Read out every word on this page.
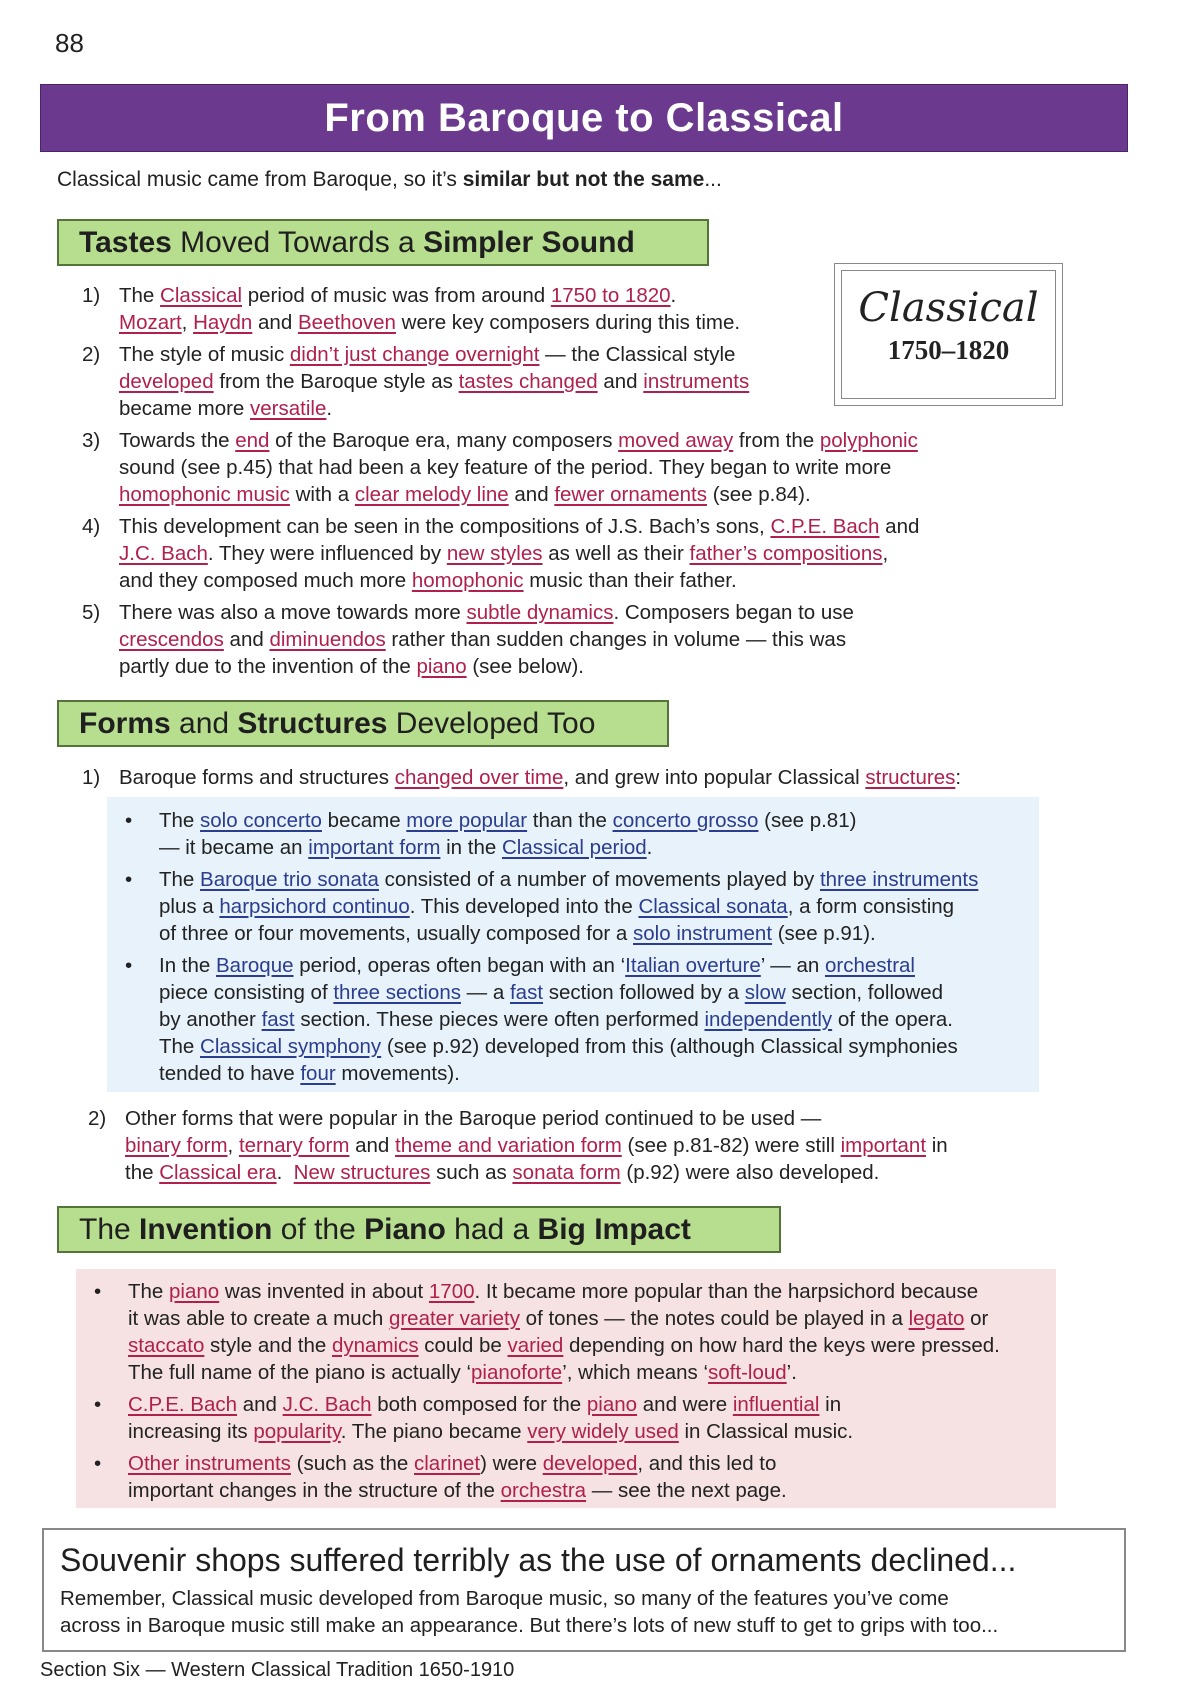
88
From Baroque to Classical
Classical music came from Baroque, so it’s similar but not the same...
Tastes Moved Towards a Simpler Sound
Classical
1750–1820
1) The Classical period of music was from around 1750 to 1820.
Mozart, Haydn and Beethoven were key composers during this time.
2) The style of music didn’t just change overnight — the Classical style
developed from the Baroque style as tastes changed and instruments
became more versatile.
3) Towards the end of the Baroque era, many composers moved away from the polyphonic
sound (see p.45) that had been a key feature of the period. They began to write more
homophonic music with a clear melody line and fewer ornaments (see p.84).
4) This development can be seen in the compositions of J.S. Bach’s sons, C.P.E. Bach and
J.C. Bach. They were influenced by new styles as well as their father’s compositions,
and they composed much more homophonic music than their father.
5) There was also a move towards more subtle dynamics. Composers began to use
crescendos and diminuendos rather than sudden changes in volume — this was
partly due to the invention of the piano (see below).
Forms and Structures Developed Too
1) Baroque forms and structures changed over time, and grew into popular Classical structures:
• The solo concerto became more popular than the concerto grosso (see p.81)
— it became an important form in the Classical period.
• The Baroque trio sonata consisted of a number of movements played by three instruments
plus a harpsichord continuo. This developed into the Classical sonata, a form consisting
of three or four movements, usually composed for a solo instrument (see p.91).
• In the Baroque period, operas often began with an ‘Italian overture’ — an orchestral
piece consisting of three sections — a fast section followed by a slow section, followed
by another fast section. These pieces were often performed independently of the opera.
The Classical symphony (see p.92) developed from this (although Classical symphonies
tended to have four movements).
2) Other forms that were popular in the Baroque period continued to be used —
binary form, ternary form and theme and variation form (see p.81-82) were still important in
the Classical era.  New structures such as sonata form (p.92) were also developed.
The Invention of the Piano had a Big Impact
• The piano was invented in about 1700. It became more popular than the harpsichord because
it was able to create a much greater variety of tones — the notes could be played in a legato or
staccato style and the dynamics could be varied depending on how hard the keys were pressed.
The full name of the piano is actually ‘pianoforte’, which means ‘soft-loud’.
• C.P.E. Bach and J.C. Bach both composed for the piano and were influential in
increasing its popularity. The piano became very widely used in Classical music.
• Other instruments (such as the clarinet) were developed, and this led to
important changes in the structure of the orchestra — see the next page.
Souvenir shops suffered terribly as the use of ornaments declined...
Remember, Classical music developed from Baroque music, so many of the features you’ve come
across in Baroque music still make an appearance. But there’s lots of new stuff to get to grips with too...
Section Six — Western Classical Tradition 1650-1910
